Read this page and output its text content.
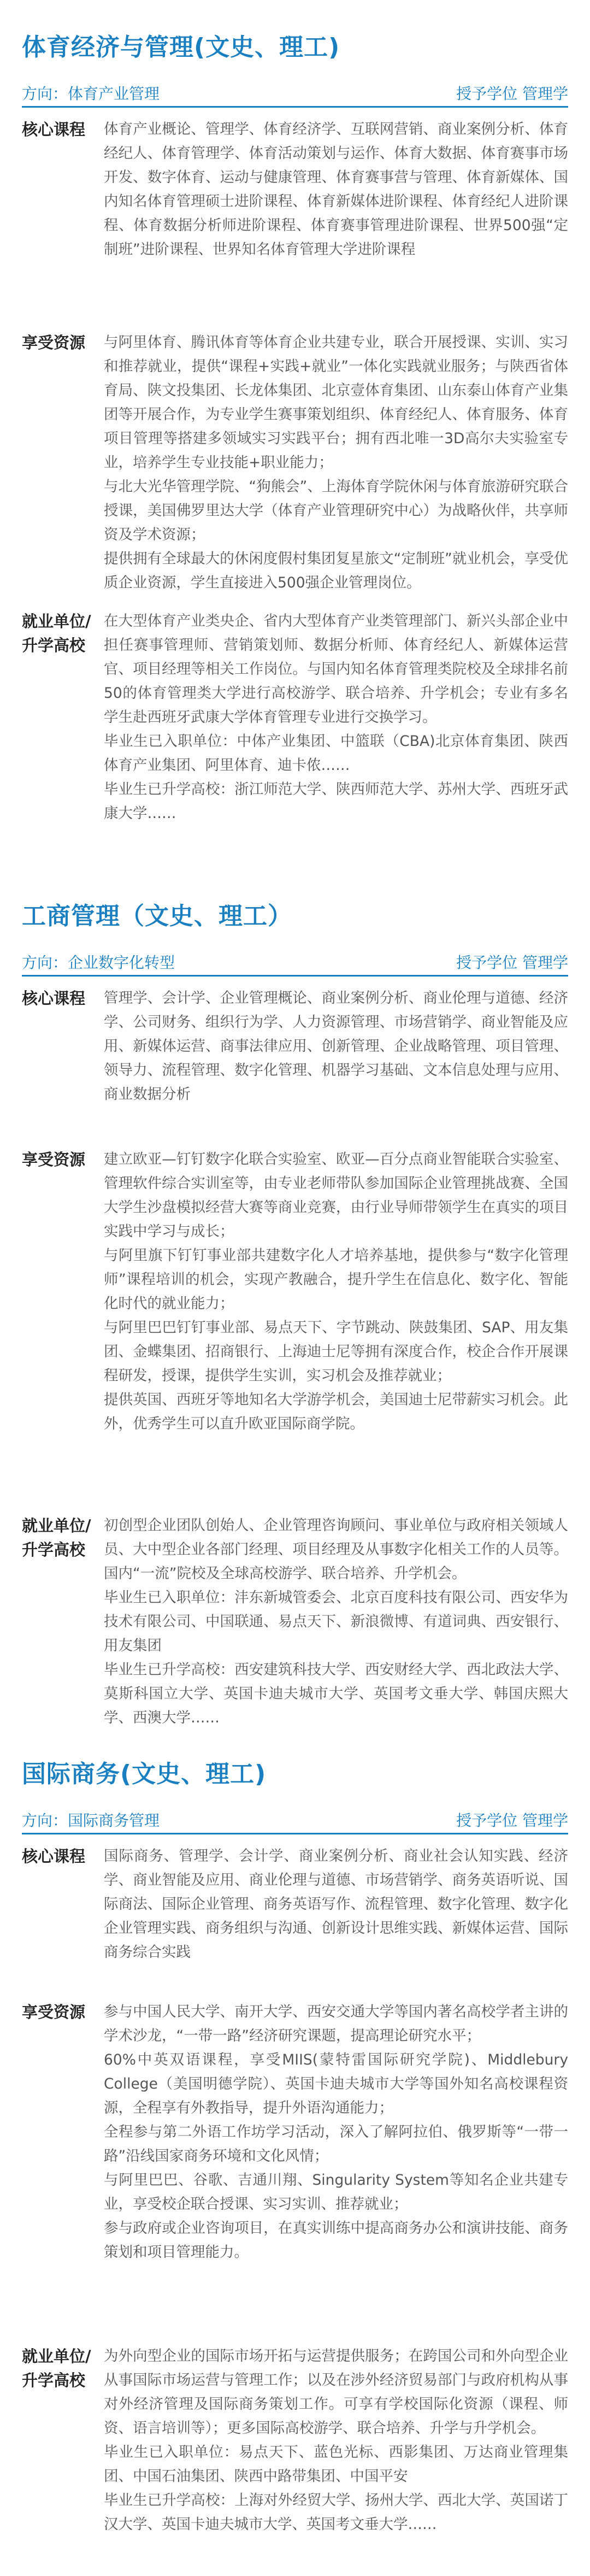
体育经济与管理(文史、理工)
方向：体育产业管理	授予学位 管理学
核心课程	体育产业概论、管理学、体育经济学、互联网营销、商业案例分析、体育经纪人、体育管理学、体育活动策划与运作、体育大数据、体育赛事市场开发、数字体育、运动与健康管理、体育赛事营与管理、体育新媒体、国内知名体育管理硕士进阶课程、体育新媒体进阶课程、体育经纪人进阶课程、体育数据分析师进阶课程、体育赛事管理进阶课程、世界500强“定制班”进阶课程、世界知名体育管理大学进阶课程

享受资源	与阿里体育、腾讯体育等体育企业共建专业，联合开展授课、实训、实习和推荐就业，提供“课程+实践+就业”一体化实践就业服务；与陕西省体育局、陕文投集团、长龙体集团、北京壹体育集团、山东泰山体育产业集团等开展合作，为专业学生赛事策划组织、体育经纪人、体育服务、体育项目管理等搭建多领域实习实践平台；拥有西北唯一3D高尔夫实验室专业，培养学生专业技能+职业能力；

与北大光华管理学院、“狗熊会”、上海体育学院休闲与体育旅游研究联合授课，美国佛罗里达大学（体育产业管理研究中心）为战略伙伴，共享师资及学术资源；

提供拥有全球最大的休闲度假村集团复星旅文“定制班”就业机会，享受优质企业资源，学生直接进入500强企业管理岗位。

就业单位/
升学高校

在大型体育产业类央企、省内大型体育产业类管理部门、新兴头部企业中担任赛事管理师、营销策划师、数据分析师、体育经纪人、新媒体运营官、项目经理等相关工作岗位。与国内知名体育管理类院校及全球排名前50的体育管理类大学进行高校游学、联合培养、升学机会；专业有多名学生赴西班牙武康大学体育管理专业进行交换学习。

毕业生已入职单位：中体产业集团、中篮联（CBA)北京体育集团、陕西体育产业集团、阿里体育、迪卡侬……

毕业生已升学高校：浙江师范大学、陕西师范大学、苏州大学、西班牙武康大学……

工商管理（文史、理工）
方向：企业数字化转型	授予学位 管理学
核心课程	管理学、会计学、企业管理概论、商业案例分析、商业伦理与道德、经济学、公司财务、组织行为学、人力资源管理、市场营销学、商业智能及应用、新媒体运营、商事法律应用、创新管理、企业战略管理、项目管理、领导力、流程管理、数字化管理、机器学习基础、文本信息处理与应用、商业数据分析

享受资源	建立欧亚—钉钉数字化联合实验室、欧亚—百分点商业智能联合实验室、管理软件综合实训室等，由专业老师带队参加国际企业管理挑战赛、全国大学生沙盘模拟经营大赛等商业竞赛，由行业导师带领学生在真实的项目实践中学习与成长；

与阿里旗下钉钉事业部共建数字化人才培养基地，提供参与“数字化管理师”课程培训的机会，实现产教融合，提升学生在信息化、数字化、智能化时代的就业能力；

与阿里巴巴钉钉事业部、易点天下、字节跳动、陕鼓集团、SAP、用友集团、金蝶集团、招商银行、上海迪士尼等拥有深度合作，校企合作开展课程研发，授课，提供学生实训，实习机会及推荐就业；

提供英国、西班牙等地知名大学游学机会，美国迪士尼带薪实习机会。此外，优秀学生可以直升欧亚国际商学院。

就业单位/
升学高校

初创型企业团队创始人、企业管理咨询顾问、事业单位与政府相关领域人员、大中型企业各部门经理、项目经理及从事数字化相关工作的人员等。国内“一流”院校及全球高校游学、联合培养、升学机会。

毕业生已入职单位：沣东新城管委会、北京百度科技有限公司、西安华为技术有限公司、中国联通、易点天下、新浪微博、有道词典、西安银行、用友集团

毕业生已升学高校：西安建筑科技大学、西安财经大学、西北政法大学、莫斯科国立大学、英国卡迪夫城市大学、英国考文垂大学、韩国庆熙大学、西澳大学……

国际商务(文史、理工)
方向：国际商务管理	授予学位 管理学
核心课程	国际商务、管理学、会计学、商业案例分析、商业社会认知实践、经济学、商业智能及应用、商业伦理与道德、市场营销学、商务英语听说、国际商法、国际企业管理、商务英语写作、流程管理、数字化管理、数字化企业管理实践、商务组织与沟通、创新设计思维实践、新媒体运营、国际商务综合实践

享受资源	参与中国人民大学、南开大学、西安交通大学等国内著名高校学者主讲的学术沙龙，“一带一路”经济研究课题，提高理论研究水平；

60%中英双语课程，享受MIIS(蒙特雷国际研究学院)、Middlebury College（美国明德学院）、英国卡迪夫城市大学等国外知名高校课程资源，全程享有外教指导，提升外语沟通能力；

全程参与第二外语工作坊学习活动，深入了解阿拉伯、俄罗斯等“一带一路”沿线国家商务环境和文化风情；

与阿里巴巴、谷歌、吉通川翔、Singularity System等知名企业共建专业，享受校企联合授课、实习实训、推荐就业；

参与政府或企业咨询项目，在真实训练中提高商务办公和演讲技能、商务策划和项目管理能力。

就业单位/
升学高校

为外向型企业的国际市场开拓与运营提供服务；在跨国公司和外向型企业从事国际市场运营与管理工作；以及在涉外经济贸易部门与政府机构从事对外经济管理及国际商务策划工作。可享有学校国际化资源（课程、师资、语言培训等）；更多国际高校游学、联合培养、升学与升学机会。

毕业生已入职单位：易点天下、蓝色光标、西影集团、万达商业管理集团、中国石油集团、陕西中路带集团、中国平安

毕业生已升学高校：上海对外经贸大学、扬州大学、西北大学、英国诺丁汉大学、英国卡迪夫城市大学、英国考文垂大学……
